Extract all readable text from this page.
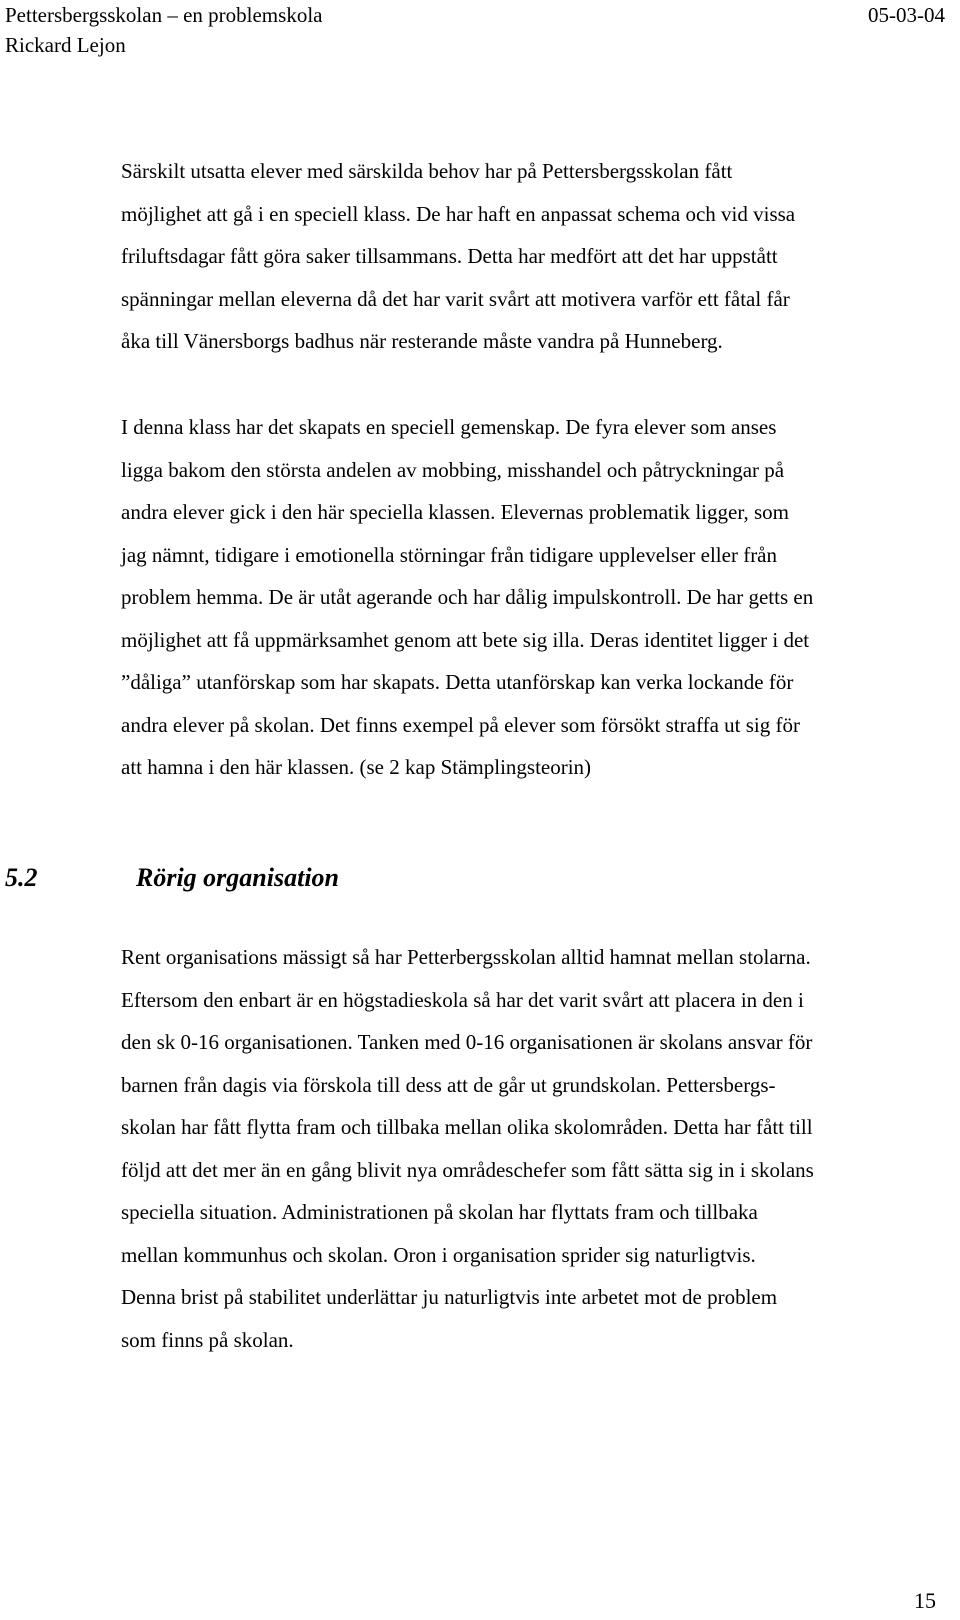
Pettersbergsskolan – en problemskola
Rickard Lejon
05-03-04
Särskilt utsatta elever med särskilda behov har på Pettersbergsskolan fått
möjlighet att gå i en speciell klass. De har haft en anpassat schema och vid vissa
friluftsdagar fått göra saker tillsammans. Detta har medfört att det har uppstått
spänningar mellan eleverna då det har varit svårt att motivera varför ett fåtal får
åka till Vänersborgs badhus när resterande måste vandra på Hunneberg.
I denna klass har det skapats en speciell gemenskap. De fyra elever som anses
ligga bakom den största andelen av mobbing, misshandel och påtryckningar på
andra elever gick i den här speciella klassen. Elevernas problematik ligger, som
jag nämnt, tidigare i emotionella störningar från tidigare upplevelser eller från
problem hemma. De är utåt agerande och har dålig impulskontroll. De har getts en
möjlighet att få uppmärksamhet genom att bete sig illa. Deras identitet ligger i det
”dåliga” utanförskap som har skapats. Detta utanförskap kan verka lockande för
andra elever på skolan. Det finns exempel på elever som försökt straffa ut sig för
att hamna i den här klassen. (se 2 kap Stämplingsteorin)
5.2	Rörig organisation
Rent organisations mässigt så har Petterbergsskolan alltid hamnat mellan stolarna.
Eftersom den enbart är en högstadieskola så har det varit svårt att placera in den i
den sk 0-16 organisationen. Tanken med 0-16 organisationen är skolans ansvar för
barnen från dagis via förskola till dess att de går ut grundskolan. Pettersbergs-
skolan har fått flytta fram och tillbaka mellan olika skolområden. Detta har fått till
följd att det mer än en gång blivit nya områdeschefer som fått sätta sig in i skolans
speciella situation. Administrationen på skolan har flyttats fram och tillbaka
mellan kommunhus och skolan. Oron i organisation sprider sig naturligtvis.
Denna brist på stabilitet underlättar ju naturligtvis inte arbetet mot de problem
som finns på skolan.
15
